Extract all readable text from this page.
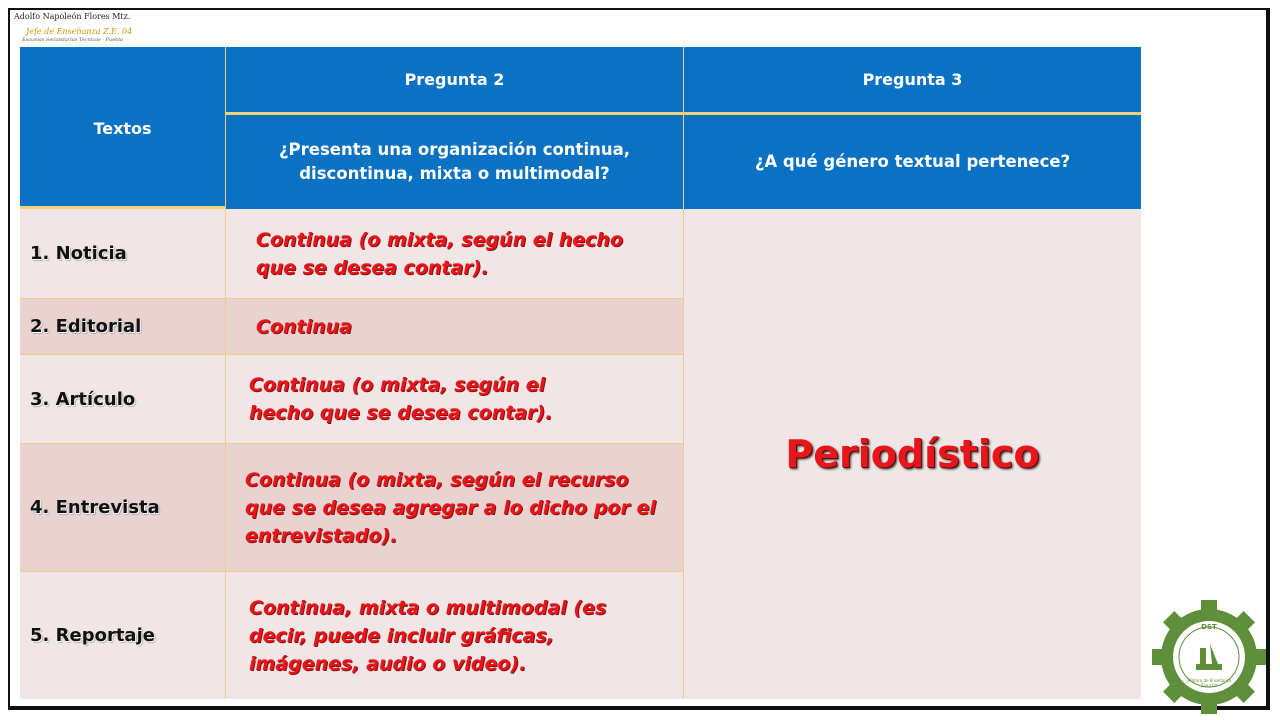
Adolfo Napoleón Flores Mtz.
Jefe de Enseñanza Z.E. 04
Escuelas Secundarias Técnicas · Puebla
Textos
Pregunta 2	Pregunta 3
¿Presenta una organización continua, discontinua, mixta o multimodal?
¿A qué género textual pertenece?
1. Noticia
Continua (o mixta, según el hecho que se desea contar).
2. Editorial	Continua
3. Artículo
Continua (o mixta, según el hecho que se desea contar).
4. Entrevista
Continua (o mixta, según el recurso que se desea agregar a lo dicho por el entrevistado).
5. Reportaje
Continua, mixta o multimodal (es decir, puede incluir gráficas, imágenes, audio o video).
Periodístico
DST
Jefatura de Enseñanza Zona 04
